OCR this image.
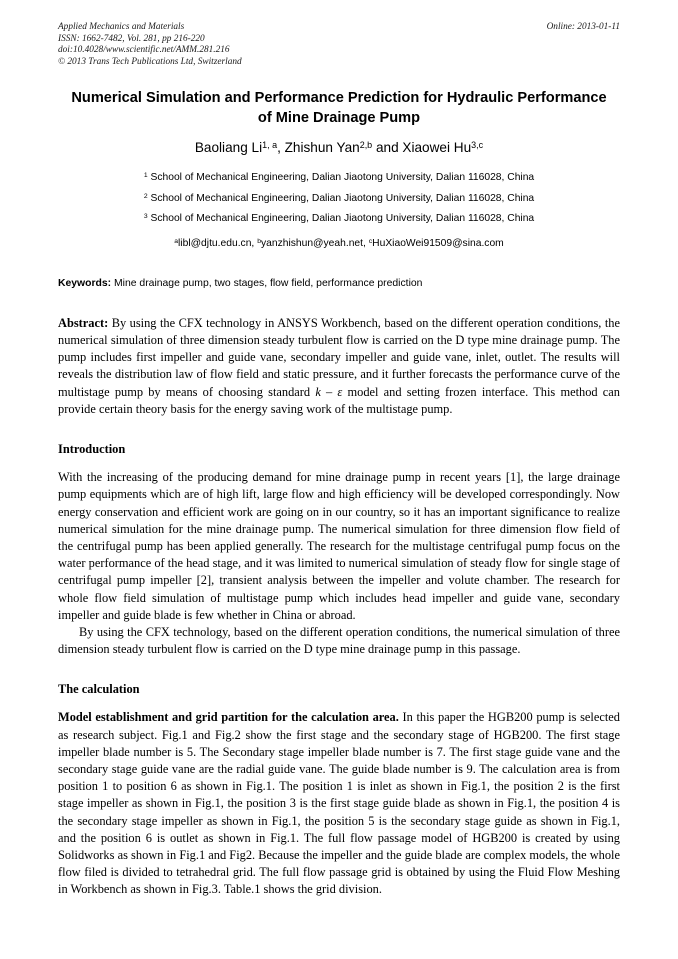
Applied Mechanics and Materials
ISSN: 1662-7482, Vol. 281, pp 216-220
doi:10.4028/www.scientific.net/AMM.281.216
© 2013 Trans Tech Publications Ltd, Switzerland
Online: 2013-01-11
Numerical Simulation and Performance Prediction for Hydraulic Performance of Mine Drainage Pump
Baoliang Li$^{1, a}$, Zhishun Yan$^{2,b}$ and Xiaowei Hu$^{3,c}$
$^1$ School of Mechanical Engineering, Dalian Jiaotong University, Dalian 116028, China
$^2$ School of Mechanical Engineering, Dalian Jiaotong University, Dalian 116028, China
$^3$ School of Mechanical Engineering, Dalian Jiaotong University, Dalian 116028, China
$^a$libl@djtu.edu.cn, $^b$yanzhishun@yeah.net, $^c$HuXiaoWei91509@sina.com
Keywords: Mine drainage pump, two stages, flow field, performance prediction
Abstract: By using the CFX technology in ANSYS Workbench, based on the different operation conditions, the numerical simulation of three dimension steady turbulent flow is carried on the D type mine drainage pump. The pump includes first impeller and guide vane, secondary impeller and guide vane, inlet, outlet. The results will reveals the distribution law of flow field and static pressure, and it further forecasts the performance curve of the multistage pump by means of choosing standard k – ε model and setting frozen interface. This method can provide certain theory basis for the energy saving work of the multistage pump.
Introduction
With the increasing of the producing demand for mine drainage pump in recent years [1], the large drainage pump equipments which are of high lift, large flow and high efficiency will be developed correspondingly. Now energy conservation and efficient work are going on in our country, so it has an important significance to realize numerical simulation for the mine drainage pump. The numerical simulation for three dimension flow field of the centrifugal pump has been applied generally. The research for the multistage centrifugal pump focus on the water performance of the head stage, and it was limited to numerical simulation of steady flow for single stage of centrifugal pump impeller [2], transient analysis between the impeller and volute chamber. The research for whole flow field simulation of multistage pump which includes head impeller and guide vane, secondary impeller and guide blade is few whether in China or abroad.
By using the CFX technology, based on the different operation conditions, the numerical simulation of three dimension steady turbulent flow is carried on the D type mine drainage pump in this passage.
The calculation
Model establishment and grid partition for the calculation area. In this paper the HGB200 pump is selected as research subject. Fig.1 and Fig.2 show the first stage and the secondary stage of HGB200. The first stage impeller blade number is 5. The Secondary stage impeller blade number is 7. The first stage guide vane and the secondary stage guide vane are the radial guide vane. The guide blade number is 9. The calculation area is from position 1 to position 6 as shown in Fig.1. The position 1 is inlet as shown in Fig.1, the position 2 is the first stage impeller as shown in Fig.1, the position 3 is the first stage guide blade as shown in Fig.1, the position 4 is the secondary stage impeller as shown in Fig.1, the position 5 is the secondary stage guide as shown in Fig.1, and the position 6 is outlet as shown in Fig.1. The full flow passage model of HGB200 is created by using Solidworks as shown in Fig.1 and Fig2. Because the impeller and the guide blade are complex models, the whole flow filed is divided to tetrahedral grid. The full flow passage grid is obtained by using the Fluid Flow Meshing in Workbench as shown in Fig.3. Table.1 shows the grid division.
